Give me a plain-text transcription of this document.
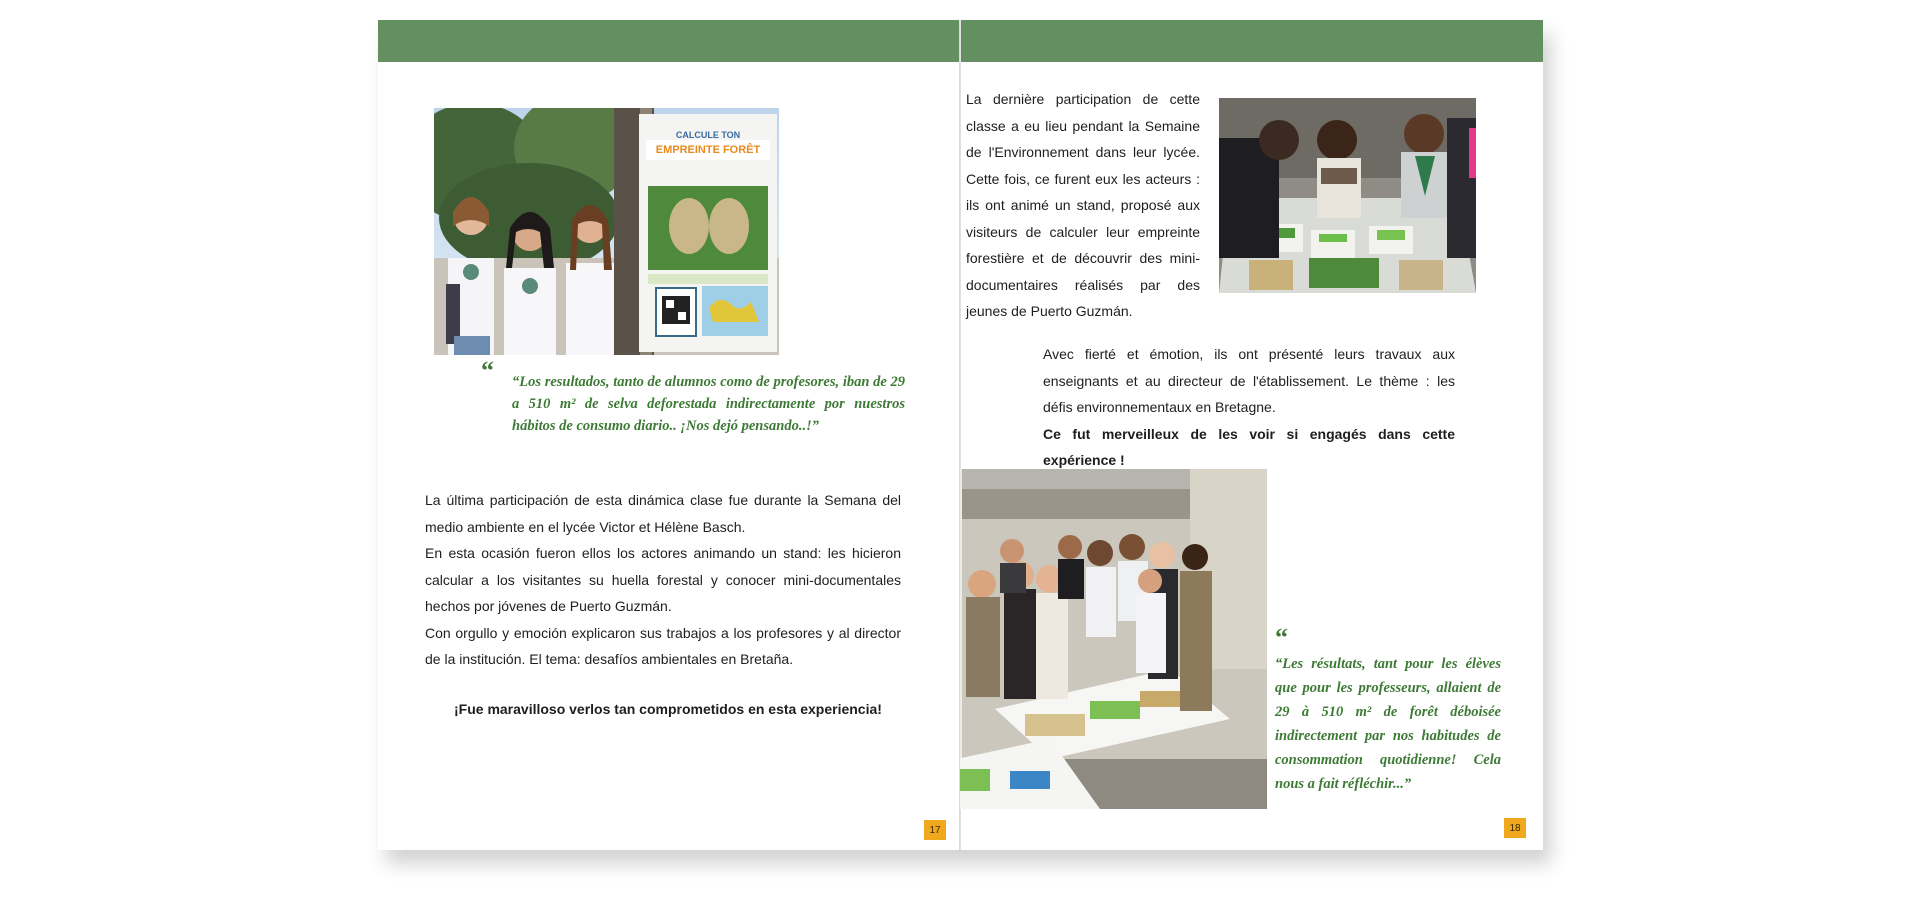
CALCULE TON
EMPREINTE FORÊT
“ “Los resultados, tanto de alumnos como de profesores, iban de 29 a 510 m² de selva deforestada indirectamente por nuestros hábitos de consumo diario.. ¡Nos dejó pensando..!”

La última participación de esta dinámica clase fue durante la Semana del medio ambiente en el lycée Victor et Hélène Basch.

En esta ocasión fueron ellos los actores animando un stand: les hicieron calcular a los visitantes su huella forestal y conocer mini-documentales hechos por jóvenes de Puerto Guzmán.

Con orgullo y emoción explicaron sus trabajos a los profesores y al director de la institución. El tema: desafíos ambientales en Bretaña.

¡Fue maravilloso verlos tan comprometidos en esta experiencia!
17
La dernière participation de cette classe a eu lieu pendant la Semaine de l'Environnement dans leur lycée. Cette fois, ce furent eux les acteurs : ils ont animé un stand, proposé aux visiteurs de calculer leur empreinte forestière et de découvrir des mini-documentaires réalisés par des jeunes de Puerto Guzmán.

Avec fierté et émotion, ils ont présenté leurs travaux aux enseignants et au directeur de l'établissement. Le thème : les défis environnementaux en Bretagne.

Ce fut merveilleux de les voir si engagés dans cette expérience !

“
“Les résultats, tant pour les élèves que pour les professeurs, allaient de 29 à 510 m² de forêt déboisée indirectement par nos habitudes de consommation quotidienne! Cela nous a fait réfléchir...”
18
